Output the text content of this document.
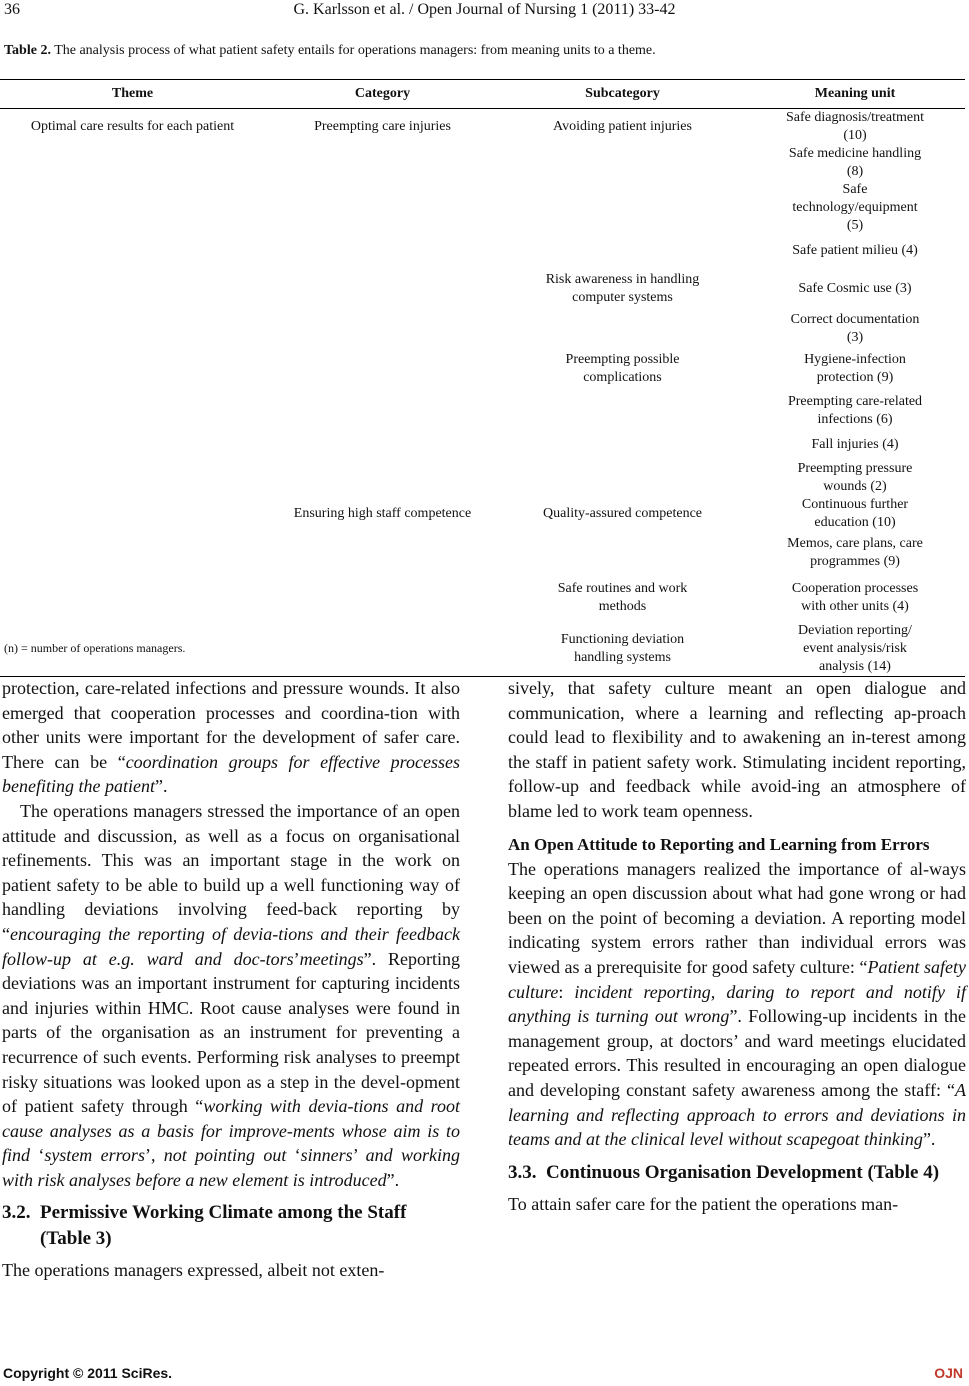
36	G. Karlsson et al. / Open Journal of Nursing 1 (2011) 33-42
Table 2. The analysis process of what patient safety entails for operations managers: from meaning units to a theme.
Theme	Category	Subcategory	Meaning unit
Optimal care results for each patient	Preempting care injuries	Avoiding patient injuries	Safe diagnosis/treatment (10)
			Safe medicine handling (8)
			Safe technology/equipment (5)
			Safe patient milieu (4)
		Risk awareness in handling computer systems	Safe Cosmic use (3)
			Correct documentation (3)
		Preempting possible complications	Hygiene-infection protection (9)
			Preempting care-related infections (6)
			Fall injuries (4)
			Preempting pressure wounds (2)
	Ensuring high staff competence	Quality-assured competence	Continuous further education (10)
			Memos, care plans, care programmes (9)
		Safe routines and work methods	Cooperation processes with other units (4)
		Functioning deviation handling systems	Deviation reporting/ event analysis/risk analysis (14)
(n) = number of operations managers.

protection, care-related infections and pressure wounds. It also emerged that cooperation processes and coordina-tion with other units were important for the development of safer care. There can be “coordination groups for effective processes benefiting the patient”.

The operations managers stressed the importance of an open attitude and discussion, as well as a focus on organisational refinements. This was an important stage in the work on patient safety to be able to build up a well functioning way of handling deviations involving feed-back reporting by “encouraging the reporting of devia-tions and their feedback follow-up at e.g. ward and doc-tors’meetings”. Reporting deviations was an important instrument for capturing incidents and injuries within HMC. Root cause analyses were found in parts of the organisation as an instrument for preventing a recurrence of such events. Performing risk analyses to preempt risky situations was looked upon as a step in the devel-opment of patient safety through “working with devia-tions and root cause analyses as a basis for improve-ments whose aim is to find ‘system errors’, not pointing out ‘sinners’ and working with risk analyses before a new element is introduced”.

3.2. Permissive Working Climate among the Staff (Table 3)

The operations managers expressed, albeit not exten-

sively, that safety culture meant an open dialogue and communication, where a learning and reflecting ap-proach could lead to flexibility and to awakening an in-terest among the staff in patient safety work. Stimulating incident reporting, follow-up and feedback while avoid-ing an atmosphere of blame led to work team openness.

An Open Attitude to Reporting and Learning from Errors

The operations managers realized the importance of al-ways keeping an open discussion about what had gone wrong or had been on the point of becoming a deviation. A reporting model indicating system errors rather than individual errors was viewed as a prerequisite for good safety culture: “Patient safety culture: incident reporting, daring to report and notify if anything is turning out wrong”. Following-up incidents in the management group, at doctors’ and ward meetings elucidated repeated errors. This resulted in encouraging an open dialogue and developing constant safety awareness among the staff: “A learning and reflecting approach to errors and deviations in teams and at the clinical level without scapegoat thinking”.

3.3. Continuous Organisation Development (Table 4)

To attain safer care for the patient the operations man-

Copyright © 2011 SciRes.	OJN
